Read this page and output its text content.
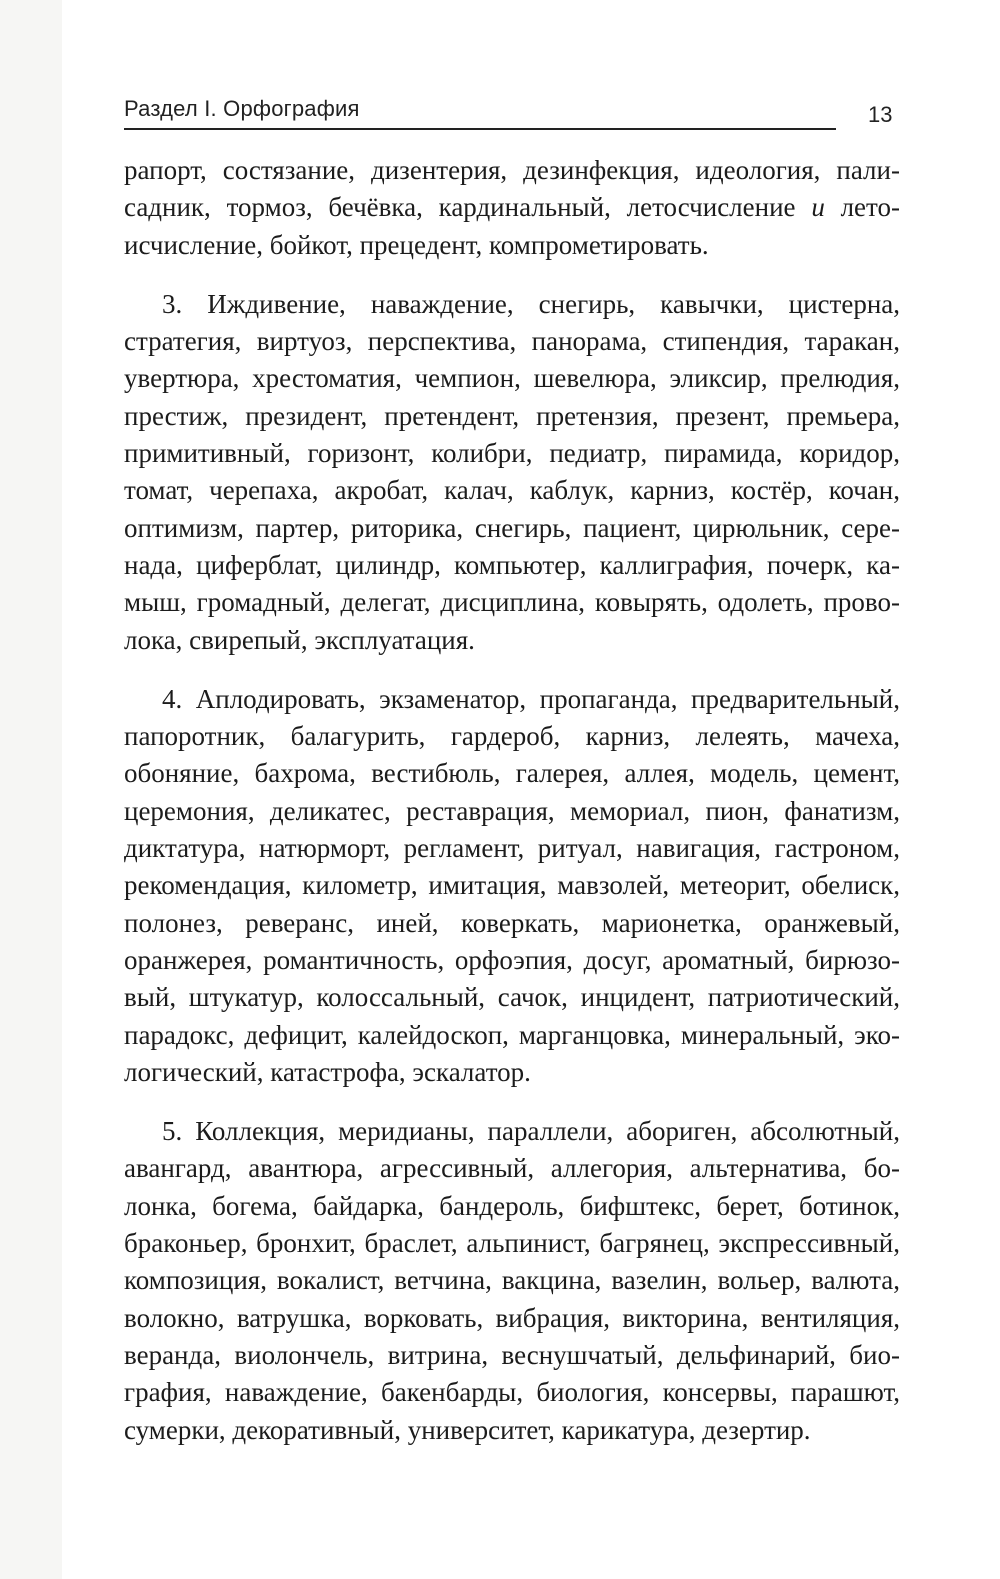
Раздел I. Орфография	13

рапорт, состязание, дизентерия, дезинфекция, идеология, палисадник, тормоз, бечёвка, кардинальный, летосчисление и летоисчисление, бойкот, прецедент, компрометировать.

3. Иждивение, наваждение, снегирь, кавычки, цистерна, стратегия, виртуоз, перспектива, панорама, стипендия, таракан, увертюра, хрестоматия, чемпион, шевелюра, эликсир, прелюдия, престиж, президент, претендент, претензия, презент, премьера, примитивный, горизонт, колибри, педиатр, пирамида, коридор, томат, черепаха, акробат, калач, каблук, карниз, костёр, кочан, оптимизм, партер, риторика, снегирь, пациент, цирюльник, серенада, циферблат, цилиндр, компьютер, каллиграфия, почерк, камыш, громадный, делегат, дисциплина, ковырять, одолеть, проволока, свирепый, эксплуатация.

4. Аплодировать, экзаменатор, пропаганда, предварительный, папоротник, балагурить, гардероб, карниз, лелеять, мачеха, обоняние, бахрома, вестибюль, галерея, аллея, модель, цемент, церемония, деликатес, реставрация, мемориал, пион, фанатизм, диктатура, натюрморт, регламент, ритуал, навигация, гастроном, рекомендация, километр, имитация, мавзолей, метеорит, обелиск, полонез, реверанс, иней, коверкать, марионетка, оранжевый, оранжерея, романтичность, орфоэпия, досуг, ароматный, бирюзовый, штукатур, колоссальный, сачок, инцидент, патриотический, парадокс, дефицит, калейдоскоп, марганцовка, минеральный, экологический, катастрофа, эскалатор.

5. Коллекция, меридианы, параллели, абориген, абсолютный, авангард, авантюра, агрессивный, аллегория, альтернатива, болонка, богема, байдарка, бандероль, бифштекс, берет, ботинок, браконьер, бронхит, браслет, альпинист, багрянец, экспрессивный, композиция, вокалист, ветчина, вакцина, вазелин, вольер, валюта, волокно, ватрушка, ворковать, вибрация, викторина, вентиляция, веранда, виолончель, витрина, веснушчатый, дельфинарий, биография, наваждение, бакенбарды, биология, консервы, парашют, сумерки, декоративный, университет, карикатура, дезертир.
